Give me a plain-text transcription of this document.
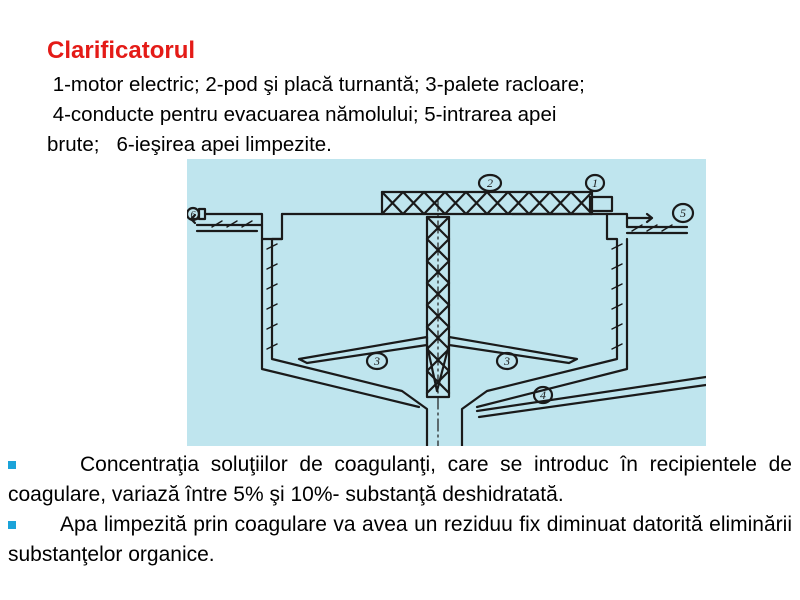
Clarificatorul
1-motor electric; 2-pod şi placă turnantă; 3-palete racloare;
4-conducte pentru evacuarea nămolului; 5-intrarea apei
brute;   6-ieşirea apei limpezite.
2	1
5
6
3	3
4
Concentraţia soluţiilor de coagulanţi, care se introduc în recipientele de coagulare, variază între 5% şi 10%- substanţă deshidratată.
Apa limpezită prin coagulare va avea un reziduu fix diminuat datorită eliminării substanţelor organice.
